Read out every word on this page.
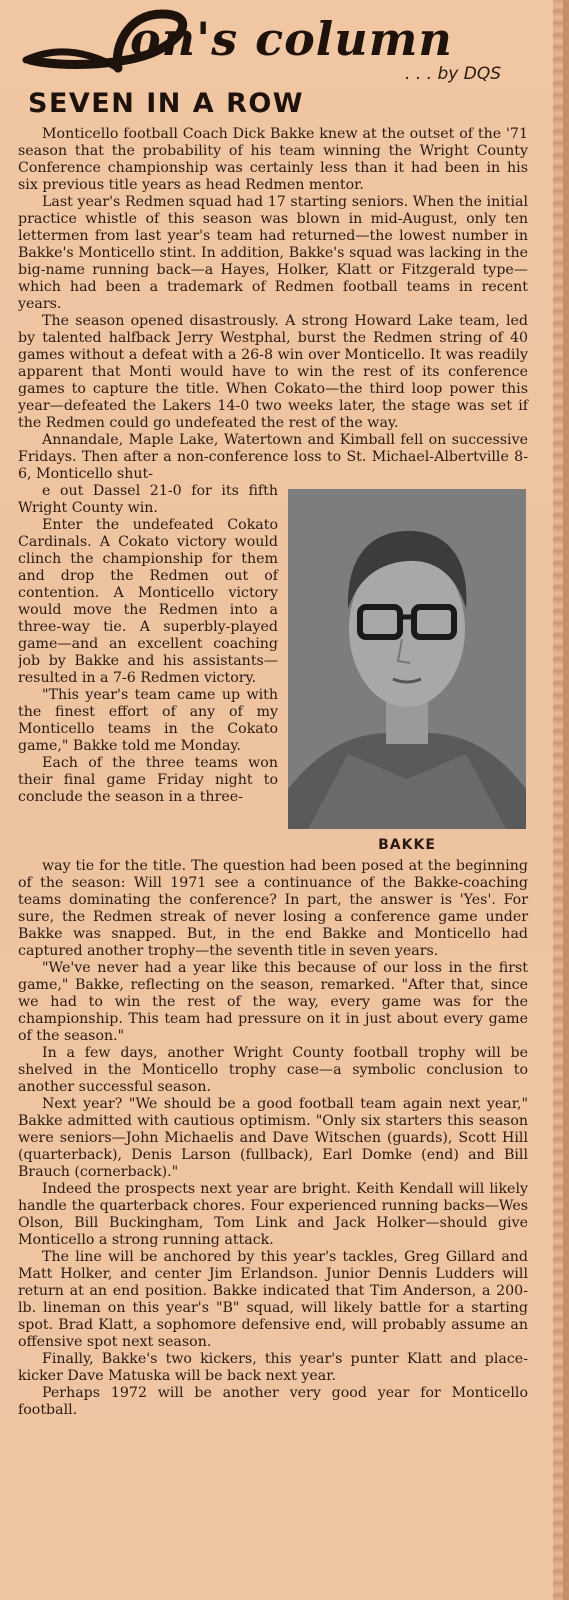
on's column
. . . by DQS
SEVEN IN A ROW

Monticello football Coach Dick Bakke knew at the outset of the '71 season that the probability of his team winning the Wright County Conference championship was certainly less than it had been in his six previous title years as head Redmen mentor.

Last year's Redmen squad had 17 starting seniors. When the initial practice whistle of this season was blown in mid-August, only ten lettermen from last year's team had returned—the lowest number in Bakke's Monticello stint. In addition, Bakke's squad was lacking in the big-name running back—a Hayes, Holker, Klatt or Fitzgerald type—which had been a trademark of Redmen football teams in recent years.

The season opened disastrously. A strong Howard Lake team, led by talented halfback Jerry Westphal, burst the Redmen string of 40 games without a defeat with a 26-8 win over Monticello. It was readily apparent that Monti would have to win the rest of its conference games to capture the title. When Cokato—the third loop power this year—defeated the Lakers 14-0 two weeks later, the stage was set if the Redmen could go undefeated the rest of the way.

Annandale, Maple Lake, Watertown and Kimball fell on successive Fridays. Then after a non-conference loss to St. Michael-Albertville 8-6, Monticello shut-

BAKKE

e out Dassel 21-0 for its fifth Wright County win.

Enter the undefeated Cokato Cardinals. A Cokato victory would clinch the championship for them and drop the Redmen out of contention. A Monticello victory would move the Redmen into a three-way tie. A superbly-played game—and an excellent coaching job by Bakke and his assistants—resulted in a 7-6 Redmen victory.

"This year's team came up with the finest effort of any of my Monticello teams in the Cokato game," Bakke told me Monday.

Each of the three teams won their final game Friday night to conclude the season in a three-

way tie for the title. The question had been posed at the beginning of the season: Will 1971 see a continuance of the Bakke-coaching teams dominating the conference? In part, the answer is 'Yes'. For sure, the Redmen streak of never losing a conference game under Bakke was snapped. But, in the end Bakke and Monticello had captured another trophy—the seventh title in seven years.

"We've never had a year like this because of our loss in the first game," Bakke, reflecting on the season, remarked. "After that, since we had to win the rest of the way, every game was for the championship. This team had pressure on it in just about every game of the season."

In a few days, another Wright County football trophy will be shelved in the Monticello trophy case—a symbolic conclusion to another successful season.

Next year? "We should be a good football team again next year," Bakke admitted with cautious optimism. "Only six starters this season were seniors—John Michaelis and Dave Witschen (guards), Scott Hill (quarterback), Denis Larson (fullback), Earl Domke (end) and Bill Brauch (cornerback)."

Indeed the prospects next year are bright. Keith Kendall will likely handle the quarterback chores. Four experienced running backs—Wes Olson, Bill Buckingham, Tom Link and Jack Holker—should give Monticello a strong running attack.

The line will be anchored by this year's tackles, Greg Gillard and Matt Holker, and center Jim Erlandson. Junior Dennis Ludders will return at an end position. Bakke indicated that Tim Anderson, a 200-lb. lineman on this year's "B" squad, will likely battle for a starting spot. Brad Klatt, a sophomore defensive end, will probably assume an offensive spot next season.

Finally, Bakke's two kickers, this year's punter Klatt and place-kicker Dave Matuska will be back next year.

Perhaps 1972 will be another very good year for Monticello football.
